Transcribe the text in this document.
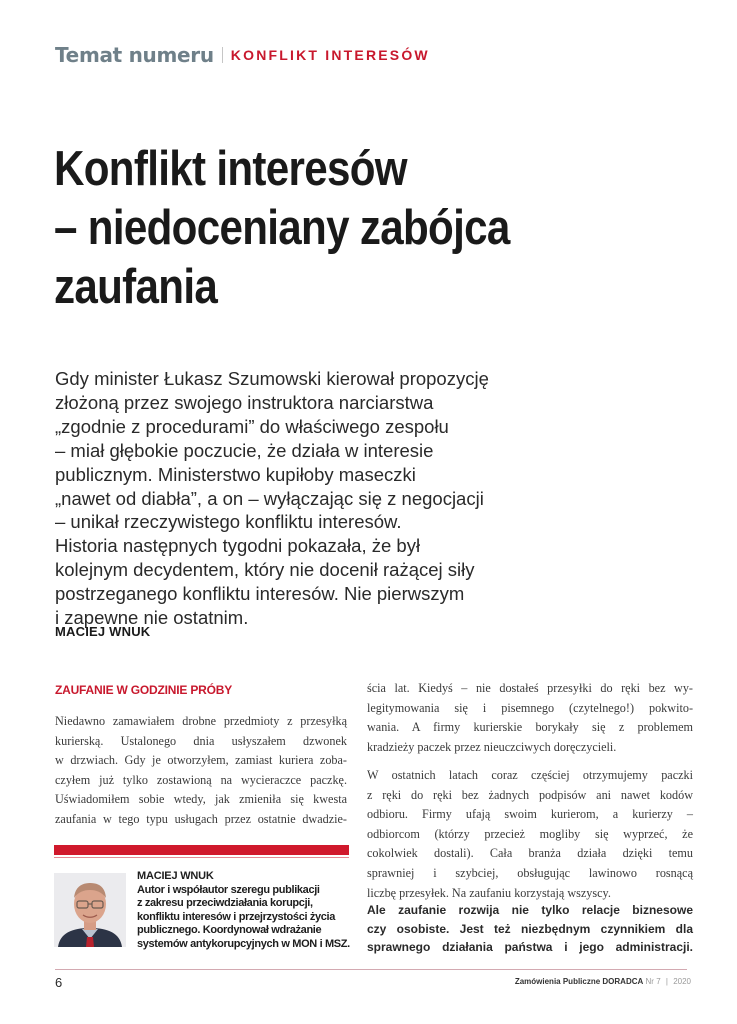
Temat numeru KONFLIKT INTERESÓW
Konflikt interesów
– niedoceniany zabójca
zaufania
Gdy minister Łukasz Szumowski kierował propozycję
złożoną przez swojego instruktora narciarstwa
„zgodnie z procedurami” do właściwego zespołu
– miał głębokie poczucie, że działa w interesie
publicznym. Ministerstwo kupiłoby maseczki
„nawet od diabła”, a on – wyłączając się z negocjacji
– unikał rzeczywistego konfliktu interesów.
Historia następnych tygodni pokazała, że był
kolejnym decydentem, który nie docenił rażącej siły
postrzeganego konfliktu interesów. Nie pierwszym
i zapewne nie ostatnim.
MACIEJ WNUK
ZAUFANIE W GODZINIE PRÓBY
Niedawno zamawiałem drobne przedmioty z przesyłką
kurierską. Ustalonego dnia usłyszałem dzwonek
w drzwiach. Gdy je otworzyłem, zamiast kuriera zoba-
czyłem już tylko zostawioną na wycieraczce paczkę.
Uświadomiłem sobie wtedy, jak zmieniła się kwesta
zaufania w tego typu usługach przez ostatnie dwadzie-
ścia lat. Kiedyś – nie dostałeś przesyłki do ręki bez wy-
legitymowania się i pisemnego (czytelnego!) pokwito-
wania. A firmy kurierskie borykały się z problemem
kradzieży paczek przez nieuczciwych doręczycieli.
W ostatnich latach coraz częściej otrzymujemy paczki
z ręki do ręki bez żadnych podpisów ani nawet kodów
odbioru. Firmy ufają swoim kurierom, a kurierzy –
odbiorcom (którzy przecież mogliby się wyprzeć, że
cokolwiek dostali). Cała branża działa dzięki temu
sprawniej i szybciej, obsługując lawinowo rosnącą
liczbę przesyłek. Na zaufaniu korzystają wszyscy.
Ale zaufanie rozwija nie tylko relacje biznesowe
czy osobiste. Jest też niezbędnym czynnikiem dla
sprawnego działania państwa i jego administracji.
MACIEJ WNUK
Autor i współautor szeregu publikacji
z zakresu przeciwdziałania korupcji,
konfliktu interesów i przejrzystości życia
publicznego. Koordynował wdrażanie
systemów antykorupcyjnych w MON i MSZ.
6	Zamówienia Publiczne DORADCA Nr 7 | 2020
